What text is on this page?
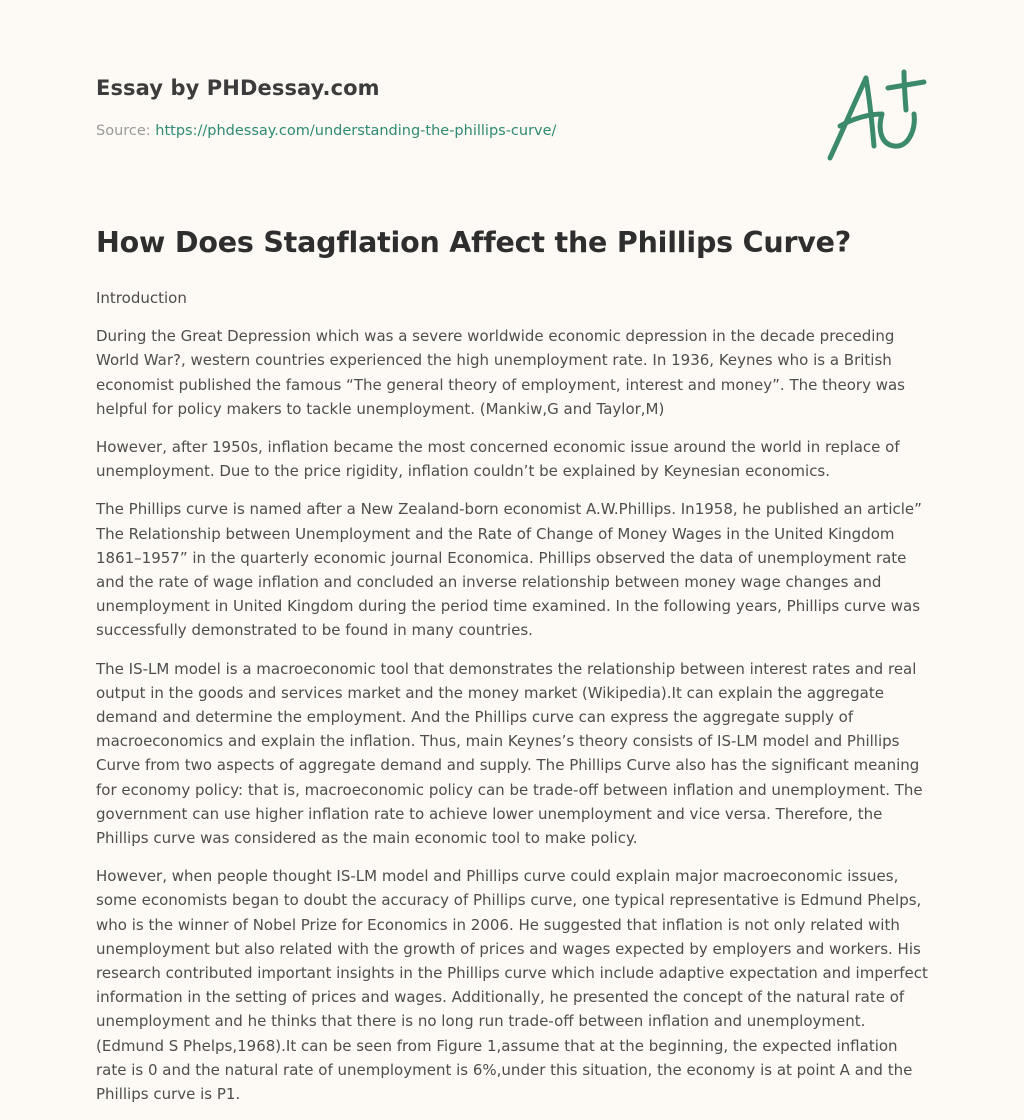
Essay by PHDessay.com
Source: https://phdessay.com/understanding-the-phillips-curve/
How Does Stagflation Affect the Phillips Curve?
Introduction

During the Great Depression which was a severe worldwide economic depression in the decade preceding World War?, western countries experienced the high unemployment rate. In 1936, Keynes who is a British economist published the famous “The general theory of employment, interest and money”. The theory was helpful for policy makers to tackle unemployment. (Mankiw,G and Taylor,M)

However, after 1950s, inflation became the most concerned economic issue around the world in replace of unemployment. Due to the price rigidity, inflation couldn’t be explained by Keynesian economics.

The Phillips curve is named after a New Zealand-born economist A.W.Phillips. In1958, he published an article” The Relationship between Unemployment and the Rate of Change of Money Wages in the United Kingdom 1861–1957” in the quarterly economic journal Economica. Phillips observed the data of unemployment rate and the rate of wage inflation and concluded an inverse relationship between money wage changes and unemployment in United Kingdom during the period time examined. In the following years, Phillips curve was successfully demonstrated to be found in many countries.

The IS-LM model is a macroeconomic tool that demonstrates the relationship between interest rates and real output in the goods and services market and the money market (Wikipedia).It can explain the aggregate demand and determine the employment. And the Phillips curve can express the aggregate supply of macroeconomics and explain the inflation. Thus, main Keynes’s theory consists of IS-LM model and Phillips Curve from two aspects of aggregate demand and supply. The Phillips Curve also has the significant meaning for economy policy: that is, macroeconomic policy can be trade-off between inflation and unemployment. The government can use higher inflation rate to achieve lower unemployment and vice versa. Therefore, the Phillips curve was considered as the main economic tool to make policy.

However, when people thought IS-LM model and Phillips curve could explain major macroeconomic issues, some economists began to doubt the accuracy of Phillips curve, one typical representative is Edmund Phelps, who is the winner of Nobel Prize for Economics in 2006. He suggested that inflation is not only related with unemployment but also related with the growth of prices and wages expected by employers and workers. His research contributed important insights in the Phillips curve which include adaptive expectation and imperfect information in the setting of prices and wages. Additionally, he presented the concept of the natural rate of unemployment and he thinks that there is no long run trade-off between inflation and unemployment. (Edmund S Phelps,1968).It can be seen from Figure 1,assume that at the beginning, the expected inflation rate is 0 and the natural rate of unemployment is 6%,under this situation, the economy is at point A and the Phillips curve is P1.
